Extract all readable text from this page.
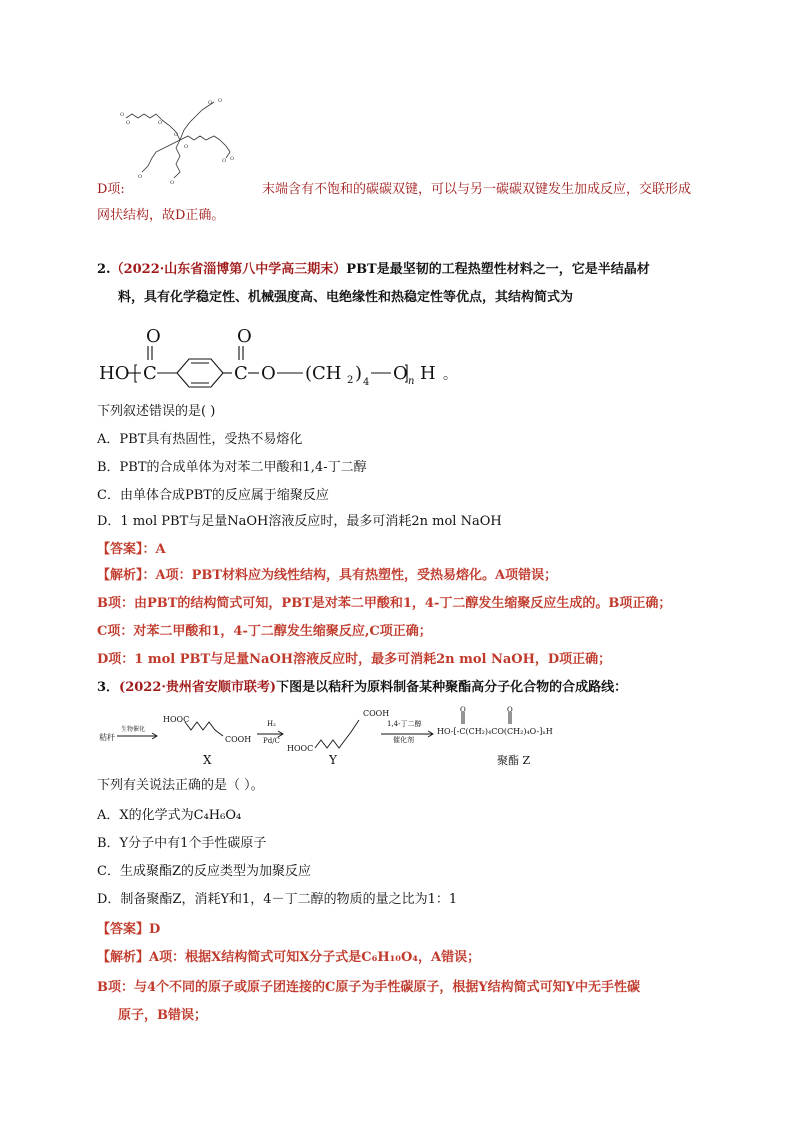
O
O
O O
O O
O
O
O
O
O
D项:	末端含有不饱和的碳碳双键，可以与另一碳碳双键发生加成反应，交联形成
网状结构，故D正确。
2.（2022·山东省淄博第八中学高三期末）PBT是最坚韧的工程热塑性材料之一，它是半结晶材
料，具有化学稳定性、机械强度高、电绝缘性和热稳定性等优点，其结构简式为
HO C
O
C
O
O (CH 2 ) 4 O n H 。
下列叙述错误的是( )
A．PBT具有热固性，受热不易熔化
B．PBT的合成单体为对苯二甲酸和1,4-丁二醇
C．由单体合成PBT的反应属于缩聚反应
D．1 mol PBT与足量NaOH溶液反应时，最多可消耗2n mol NaOH
【答案】：A
【解析】：A项：PBT材料应为线性结构，具有热塑性，受热易熔化。A项错误；
B项：由PBT的结构简式可知，PBT是对苯二甲酸和1，4-丁二醇发生缩聚反应生成的。B项正确；
C项：对苯二甲酸和1，4-丁二醇发生缩聚反应,C项正确；
D项：1 mol PBT与足量NaOH溶液反应时，最多可消耗2n mol NaOH，D项正确；
3．(2022·贵州省安顺市联考)下图是以秸秆为原料制备某种聚酯高分子化合物的合成路线：
秸秆
生物催化
HOOC
COOH
X
H₂
Pd/C
COOH
HOOC
Y
1,4-丁二醇
催化剂
HO-[-C(CH₂)₄CO(CH₂)₄O-]ₙH
聚酯 Z
O	O
下列有关说法正确的是（ ）。
A．X的化学式为C₄H₆O₄
B．Y分子中有1个手性碳原子
C．生成聚酯Z的反应类型为加聚反应
D．制备聚酯Z，消耗Y和1，4－丁二醇的物质的量之比为1：1
【答案】D
【解析】A项：根据X结构简式可知X分子式是C₆H₁₀O₄，A错误；
B项：与4个不同的原子或原子团连接的C原子为手性碳原子，根据Y结构简式可知Y中无手性碳
原子，B错误；
